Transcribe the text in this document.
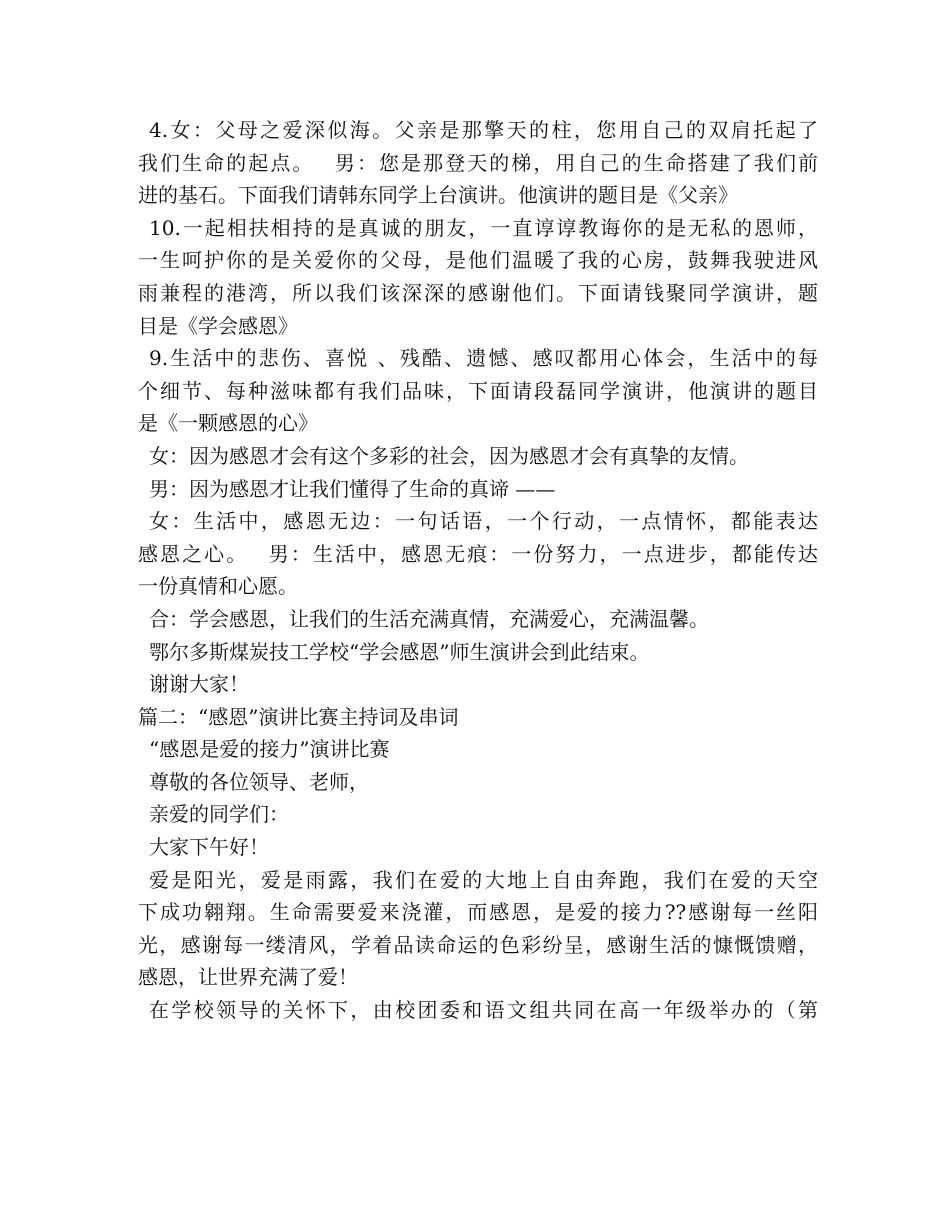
4.女：父母之爱深似海。父亲是那擎天的柱，您用自己的双肩托起了
我们生命的起点。　 男：您是那登天的梯，用自己的生命搭建了我们前
进的基石。下面我们请韩东同学上台演讲。他演讲的题目是《父亲》
10.一起相扶相持的是真诚的朋友，一直谆谆教诲你的是无私的恩师，
一生呵护你的是关爱你的父母，是他们温暖了我的心房，鼓舞我驶进风
雨兼程的港湾，所以我们该深深的感谢他们。下面请钱聚同学演讲，题
目是《学会感恩》
9.生活中的悲伤、喜悦 、残酷、遗憾、感叹都用心体会，生活中的每
个细节、每种滋味都有我们品味，下面请段磊同学演讲，他演讲的题目
是《一颗感恩的心》
女：因为感恩才会有这个多彩的社会，因为感恩才会有真挚的友情。
男：因为感恩才让我们懂得了生命的真谛 ——
女：生活中，感恩无边：一句话语，一个行动，一点情怀，都能表达
感恩之心。　 男：生活中，感恩无痕：一份努力，一点进步，都能传达
一份真情和心愿。
合：学会感恩，让我们的生活充满真情，充满爱心，充满温馨。
鄂尔多斯煤炭技工学校“学会感恩”师生演讲会到此结束。
谢谢大家！
篇二：“感恩”演讲比赛主持词及串词
“感恩是爱的接力”演讲比赛
尊敬的各位领导、老师，
亲爱的同学们：
大家下午好！
爱是阳光，爱是雨露，我们在爱的大地上自由奔跑，我们在爱的天空
下成功翱翔。生命需要爱来浇灌，而感恩，是爱的接力??感谢每一丝阳
光，感谢每一缕清风，学着品读命运的色彩纷呈，感谢生活的慷慨馈赠，
感恩，让世界充满了爱！
在学校领导的关怀下，由校团委和语文组共同在高一年级举办的（第
